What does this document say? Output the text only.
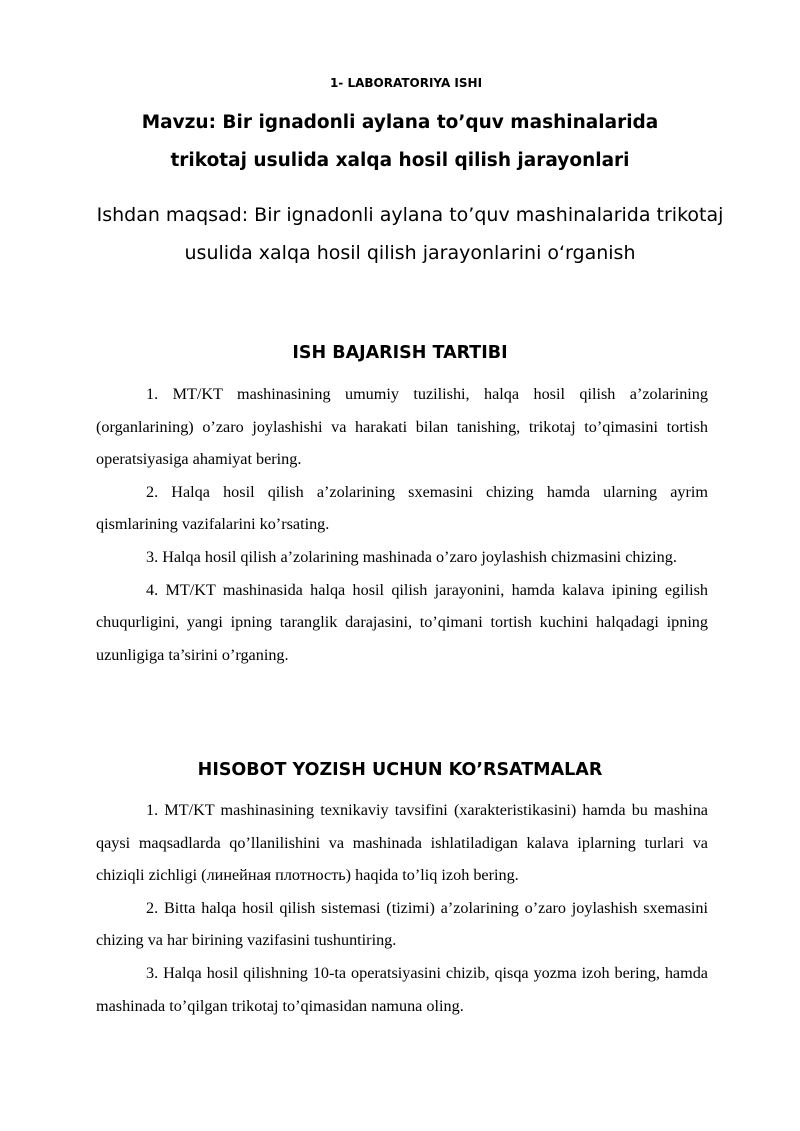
1- LABORATORIYA ISHI
Mavzu: Bir ignadonli aylana to’quv mashinalarida
trikotaj usulida xalqa hosil qilish jarayonlari
Ishdan maqsad: Bir ignadonli aylana to’quv mashinalarida trikotaj
usulida xalqa hosil qilish jarayonlarini o‘rganish
ISH BAJARISH TARTIBI
1. MT/KT mashinasining umumiy tuzilishi, halqa hosil qilish a’zolarining (organlarining) o’zaro joylashishi va harakati bilan tanishing, trikotaj to’qimasini tortish operatsiyasiga ahamiyat bering.
2. Halqa hosil qilish a’zolarining sxemasini chizing hamda ularning ayrim qismlarining vazifalarini ko’rsating.
3. Halqa hosil qilish a’zolarining mashinada o’zaro joylashish chizmasini chizing.
4. MT/KT mashinasida halqa hosil qilish jarayonini, hamda kalava ipining egilish chuqurligini, yangi ipning taranglik darajasini, to’qimani tortish kuchini halqadagi ipning uzunligiga ta’sirini o’rganing.
HISOBOT YOZISH UCHUN KO’RSATMALAR
1. MT/KT mashinasining texnikaviy tavsifini (xarakteristikasini) hamda bu mashina qaysi maqsadlarda qo’llanilishini va mashinada ishlatiladigan kalava iplarning turlari va chiziqli zichligi (линейная плотность) haqida to’liq izoh bering.
2. Bitta halqa hosil qilish sistemasi (tizimi) a’zolarining o’zaro joylashish sxemasini chizing va har birining vazifasini tushuntiring.
3. Halqa hosil qilishning 10-ta operatsiyasini chizib, qisqa yozma izoh bering, hamda mashinada to’qilgan trikotaj to’qimasidan namuna oling.
